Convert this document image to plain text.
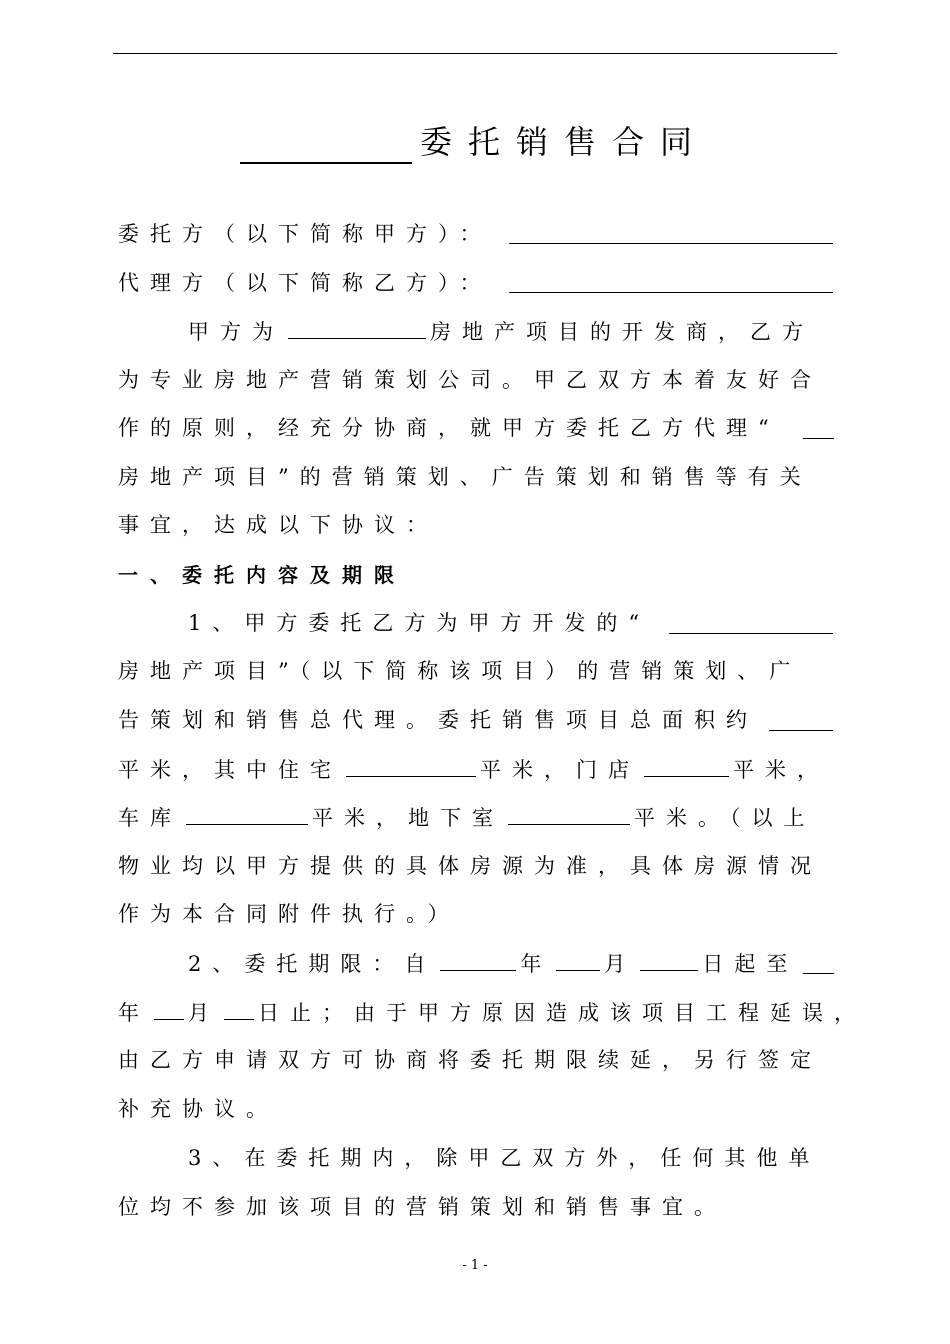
委托销售合同
委托方（以下简称甲方）：
代理方（以下简称乙方）：
甲方为	房地产项目的开发商，乙方
为专业房地产营销策划公司。甲乙双方本着友好合
作的原则，经充分协商，就甲方委托乙方代理“
房地产项目”的营销策划、广告策划和销售等有关
事宜，达成以下协议：
一、委托内容及期限
1、甲方委托乙方为甲方开发的“
房地产项目”（以下简称该项目）的营销策划、广
告策划和销售总代理。委托销售项目总面积约
平米，其中住宅	平米，门店	平米，
车库	平米，地下室	平米。（以上
物业均以甲方提供的具体房源为准，具体房源情况
作为本合同附件执行。）
2、委托期限：自	年 月	日起至
年 月 日止；由于甲方原因造成该项目工程延误，
由乙方申请双方可协商将委托期限续延，另行签定
补充协议。
3、在委托期内，除甲乙双方外，任何其他单
位均不参加该项目的营销策划和销售事宜。
- 1 -
